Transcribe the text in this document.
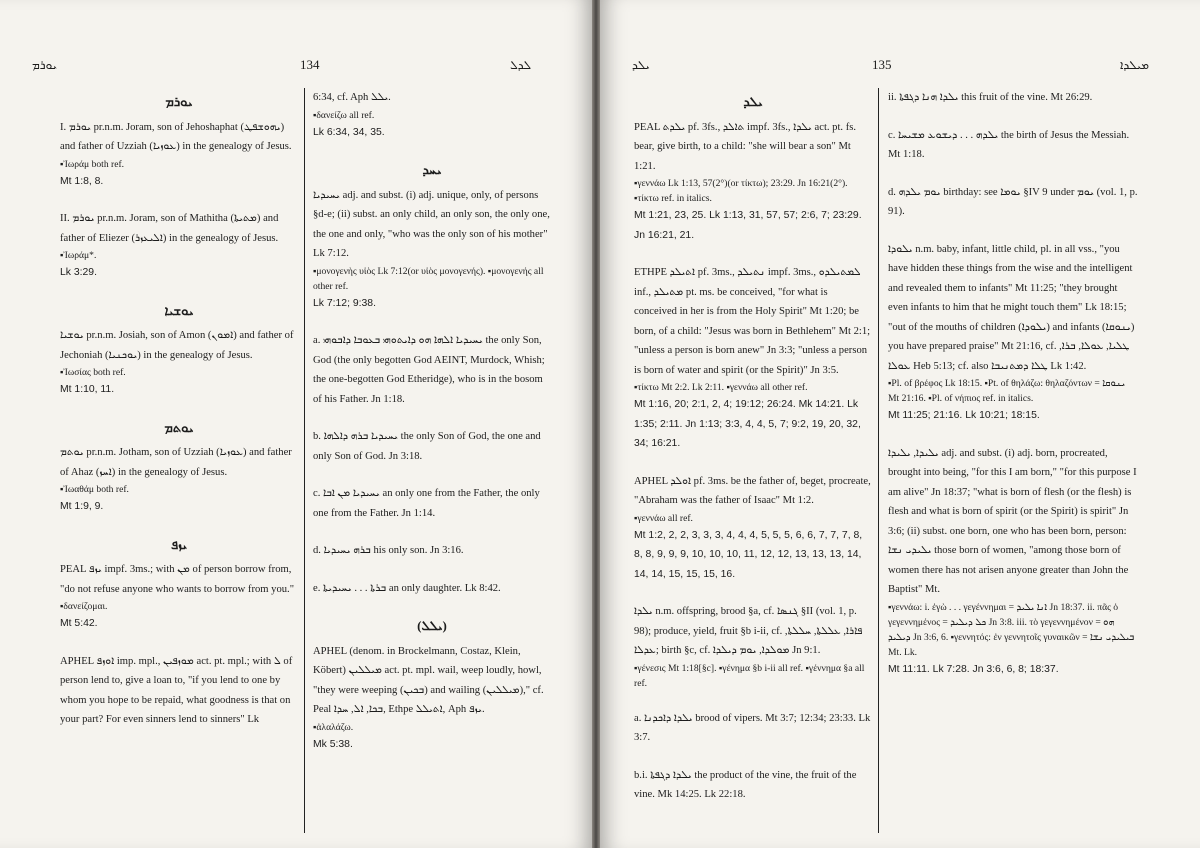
ܝܘܪܡ	134	ܠܕܠ
ܝܘܪܡ

I. ܝܘܪܡ pr.n.m. Joram, son of Jehoshaphat (ܝܗܘܫܦܛ) and father of Uzziah (ܥܘܙܝܐ) in the genealogy of Jesus.

▪Ἰωράμ both ref.

Mt 1:8, 8.

II. ܝܘܪܡ pr.n.m. Joram, son of Mathitha (ܡܬܝܬܐ) and father of Eliezer (ܐܠܝܥܙܪ) in the genealogy of Jesus.

▪Ἰωράμ*.

Lk 3:29.

ܝܘܫܝܐ

ܝܘܫܝܐ pr.n.m. Josiah, son of Amon (ܐܡܘܢ) and father of Jechoniah (ܝܘܟܢܝܐ) in the genealogy of Jesus.

▪Ἰωσίας both ref.

Mt 1:10, 11.

ܝܘܬܡ

ܝܘܬܡ pr.n.m. Jotham, son of Uzziah (ܥܘܙܝܐ) and father of Ahaz (ܐܚܙ) in the genealogy of Jesus.

▪Ἰωαθάμ both ref.

Mt 1:9, 9.

ܝܙܦ

PEAL ܝܙܦ impf. 3ms.; with ܡܢ of person borrow from, "do not refuse anyone who wants to borrow from you."

▪δανείζομαι.

Mt 5:42.

APHEL ܐܘܙܦ imp. mpl., ܡܘܙܦܝܢ act. pt. mpl.; with ܠ of person lend to, give a loan to, "if you lend to one by whom you hope to be repaid, what goodness is that on your part? For even sinners lend to sinners" Lk

6:34, cf. Aph ܝܠܠ.

▪δανείζω all ref.

Lk 6:34, 34, 35.

ܝܚܕ

ܝܚܝܕܝܐ adj. and subst. (i) adj. unique, only, of persons §d-e; (ii) subst. an only child, an only son, the only one, the one and only, "who was the only son of his mother" Lk 7:12.

▪μονογενὴς υἱὸς Lk 7:12(or υἱὸς μονογενής). ▪μονογενής all other ref.

Lk 7:12; 9:38.

a. ܝܚܝܕܝܐ ܐܠܗܐ ܗܘ ܕܐܝܬܘܗܝ ܒܥܘܒܐ ܕܐܒܘܗܝ the only Son, God (the only begotten God AEINT, Murdock, Whish; the one-begotten God Etheridge), who is in the bosom of his Father. Jn 1:18.

b. ܝܚܝܕܝܐ ܒܪܗ ܕܐܠܗܐ the only Son of God, the one and only Son of God. Jn 3:18.

c. ܝܚܝܕܝܐ ܡܢ ܐܒܐ an only one from the Father, the only one from the Father. Jn 1:14.

d. ܒܪܗ ܝܚܝܕܝܐ his only son. Jn 3:16.

e. ܒܪܬܐ . . . ܝܚܝܕܝܬܐ an only daughter. Lk 8:42.

(ܝܠܠ)

APHEL (denom. in Brockelmann, Costaz, Klein, Köbert) ܡܝܠܠܝܢ act. pt. mpl. wail, weep loudly, howl, "they were weeping (ܒܟܝܢ) and wailing (ܡܝܠܠܝܢ)," cf. Peal ܒܟܐ, ܐܠ, ܚܕܐ, Ethpe ܐܬܝܠܠ, Aph ܝܙܦ.

▪ἀλαλάζω.

Mk 5:38.

ܝܠܕ	135	ܡܝܠܕܐ
ܝܠܕ

PEAL ܝܠܕܬ pf. 3fs., ܬܐܠܕ impf. 3fs., ܝܠܕܐ act. pt. fs. bear, give birth, to a child: "she will bear a son" Mt 1:21.

▪γεννάω Lk 1:13, 57(2°)(or τίκτω); 23:29. Jn 16:21(2°). ▪τίκτω ref. in italics.

Mt 1:21, 23, 25. Lk 1:13, 31, 57, 57; 2:6, 7; 23:29. Jn 16:21, 21.

ETHPE ܐܬܝܠܕ pf. 3ms., ܢܬܝܠܕ impf. 3ms., ܠܡܬܝܠܕܘ inf., ܡܬܝܠܕ pt. ms. be conceived, "for what is conceived in her is from the Holy Spirit" Mt 1:20; be born, of a child: "Jesus was born in Bethlehem" Mt 2:1; "unless a person is born anew" Jn 3:3; "unless a person is born of water and spirit (or the Spirit)" Jn 3:5.

▪τίκτω Mt 2:2. Lk 2:11. ▪γεννάω all other ref.

Mt 1:16, 20; 2:1, 2, 4; 19:12; 26:24. Mk 14:21. Lk 1:35; 2:11. Jn 1:13; 3:3, 4, 4, 5, 7; 9:2, 19, 20, 32, 34; 16:21.

APHEL ܐܘܠܕ pf. 3ms. be the father of, beget, procreate, "Abraham was the father of Isaac" Mt 1:2.

▪γεννάω all ref.

Mt 1:2, 2, 2, 3, 3, 3, 4, 4, 4, 5, 5, 5, 6, 6, 7, 7, 7, 8, 8, 8, 9, 9, 9, 10, 10, 10, 11, 12, 12, 13, 13, 13, 14, 14, 14, 15, 15, 15, 16.

ܝܠܕܐ n.m. offspring, brood §a, cf. ܓܢܣܐ §II (vol. 1, p. 98); produce, yield, fruit §b i-ii, cf. ܦܐܪܐ, ܥܠܠܬܐ, ܚܠܠܬܐ, ܥܕܠܐ; birth §c, cf. ܡܘܠܕܐ, ܝܘܡ ܕܝܠܕܐ Jn 9:1.

▪γένεσις Mt 1:18[§c]. ▪γένημα §b i-ii all ref. ▪γέννημα §a all ref.

a. ܝܠܕܐ ܕܐܟܕܢܐ brood of vipers. Mt 3:7; 12:34; 23:33. Lk 3:7.

b.i. ܝܠܕܐ ܕܓܦܬܐ the product of the vine, the fruit of the vine. Mk 14:25. Lk 22:18.

ii. ܝܠܕܐ ܗܢܐ ܕܓܦܬܐ this fruit of the vine. Mt 26:29.

c. ܝܠܕܗ . . . ܕܝܫܘܥ ܡܫܝܚܐ the birth of Jesus the Messiah. Mt 1:18.

d. ܝܘܡ ܝܠܕܗ birthday: see ܝܘܡܐ §IV 9 under ܝܘܡ (vol. 1, p. 91).

ܝܠܘܕܐ n.m. baby, infant, little child, pl. in all vss., "you have hidden these things from the wise and the intelligent and revealed them to infants" Mt 11:25; "they brought even infants to him that he might touch them" Lk 18:15; "out of the mouths of children (ܝܠܘܕܐ) and infants (ܝܢܘܩܐ) you have prepared praise" Mt 21:16, cf. ܛܠܝܐ, ܥܘܠܐ, ܒܪܐ, ܥܘܠܐ Heb 5:13; cf. also ܛܠܐ ܕܡܬܢܝܒܐ Lk 1:42.

▪Pl. of βρέφος Lk 18:15. ▪Pt. of θηλάζω: θηλαζόντων = ܝܢܘܩܐ Mt 21:16. ▪Pl. of νήπιος ref. in italics.

Mt 11:25; 21:16. Lk 10:21; 18:15.

ܝܠܝܕܐ, ܝܠܝܕܐ adj. and subst. (i) adj. born, procreated, brought into being, "for this I am born," "for this purpose I am alive" Jn 18:37; "what is born of flesh (or the flesh) is flesh and what is born of spirit (or the Spirit) is spirit" Jn 3:6; (ii) subst. one born, one who has been born, person: ܝܠܝܕܝ ܢܫܐ those born of women, "among those born of women there has not arisen anyone greater than John the Baptist" Mt.

▪γεννάω: i. ἐγὼ . . . γεγέννημαι = ܐܢܐ ܝܠܝܕ Jn 18:37. ii. πᾶς ὁ γεγεννημένος = ܟܠ ܕܝܠܝܕ Jn 3:8. iii. τὸ γεγεννημένον = ܗܘ ܕܝܠܝܕ Jn 3:6, 6. ▪γεννητός: ἐν γεννητοῖς γυναικῶν = ܒܝܠܝܕܝ ܢܫܐ Mt. Lk.

Mt 11:11. Lk 7:28. Jn 3:6, 6, 8; 18:37.
